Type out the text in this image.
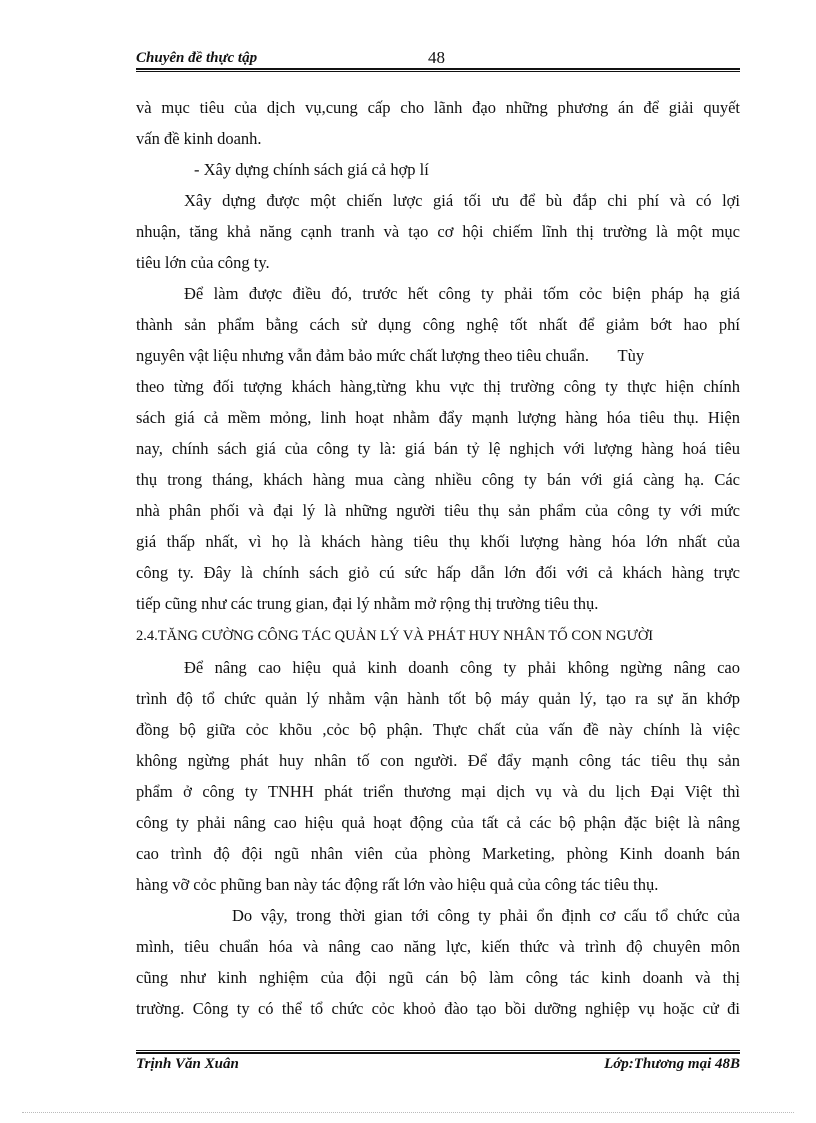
Chuyên đề thực tập	48

và mục tiêu của dịch vụ,cung cấp cho lãnh đạo những phương án để giải quyết
vấn đề kinh doanh.

- Xây dựng chính sách giá cả hợp lí

Xây dựng được một chiến lược giá tối ưu để bù đắp chi phí và có lợi
nhuận, tăng khả năng cạnh tranh và tạo cơ hội chiếm lĩnh thị trường là một mục
tiêu lớn của công ty.

Để làm được điều đó, trước hết công ty phải tốm cỏc biện pháp hạ giá
thành sản phẩm bằng cách sử dụng công nghệ tốt nhất để giảm bớt hao phí
nguyên vật liệu nhưng vẫn đảm bảo mức chất lượng theo tiêu chuẩn.       Tùy
theo từng đối tượng khách hàng,từng khu vực thị trường công ty thực hiện chính
sách giá cả mềm mỏng, linh hoạt nhằm đẩy mạnh lượng hàng hóa tiêu thụ. Hiện
nay, chính sách giá của công ty là: giá bán tỷ lệ nghịch với lượng hàng hoá tiêu
thụ trong tháng, khách hàng mua càng nhiều công ty bán với giá càng hạ. Các
nhà phân phối và đại lý là những người tiêu thụ sản phẩm của công ty với mức
giá thấp nhất, vì họ là khách hàng tiêu thụ khối lượng hàng hóa lớn nhất của
công ty. Đây là chính sách giỏ cú sức hấp dẫn lớn đối với cả khách hàng trực
tiếp cũng như các trung gian, đại lý nhằm mở rộng thị trường tiêu thụ.

2.4.TĂNG CƯỜNG CÔNG TÁC QUẢN LÝ VÀ PHÁT HUY NHÂN TỐ CON NGƯỜI

Để nâng cao hiệu quả kinh doanh công ty phải không ngừng nâng cao
trình độ tổ chức quản lý nhằm vận hành tốt bộ máy quản lý, tạo ra sự ăn khớp
đồng bộ giữa cỏc khõu ,cỏc bộ phận. Thực chất của vấn đề này chính là việc
không ngừng phát huy nhân tố con người. Để đẩy mạnh công tác tiêu thụ sản
phẩm ở công ty TNHH phát triển thương mại dịch vụ và du lịch Đại Việt thì
công ty phải nâng cao hiệu quả hoạt động của tất cả các bộ phận đặc biệt là nâng
cao trình độ đội ngũ nhân viên của phòng Marketing, phòng Kinh doanh bán
hàng vỡ cỏc phũng ban này tác động rất lớn vào hiệu quả của công tác tiêu thụ.

Do vậy, trong thời gian tới công ty phải ổn định cơ cấu tổ chức của
mình, tiêu chuẩn hóa và nâng cao năng lực, kiến thức và trình độ chuyên môn
cũng như kinh nghiệm của đội ngũ cán bộ làm công tác kinh doanh và thị
trường. Công ty có thể tổ chức cỏc khoỏ đào tạo bồi dưỡng nghiệp vụ hoặc cử đi

Trịnh Văn Xuân	Lớp:Thương mại 48B
